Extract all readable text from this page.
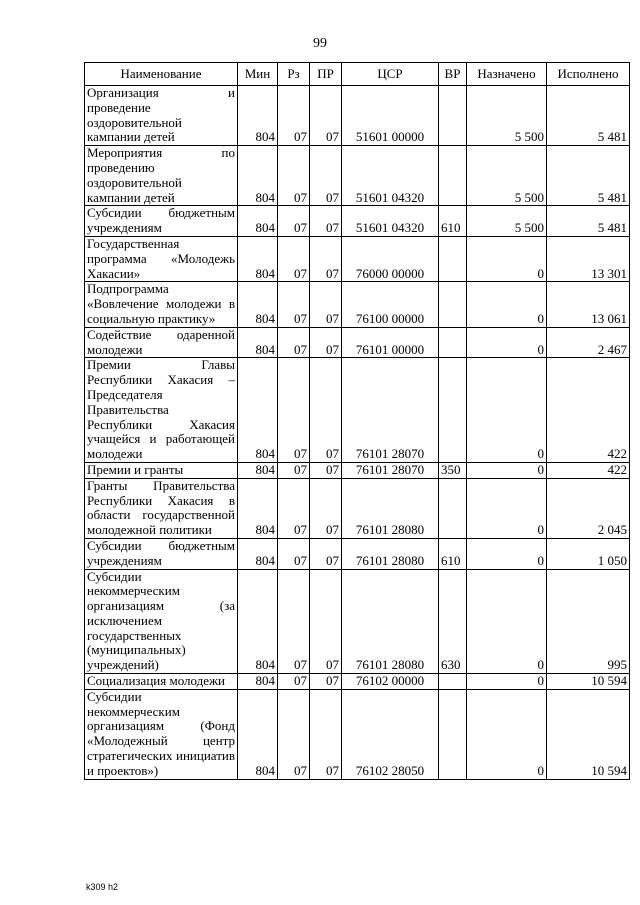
99
Наименование	Мин	Рз	ПР	ЦСР	ВР	Назначено	Исполнено
Организация и проведение оздоровительной кампании детей	804	07	07	51601 00000		5 500	5 481
Мероприятия по проведению оздоровительной кампании детей	804	07	07	51601 04320		5 500	5 481
Субсидии бюджетным учреждениям	804	07	07	51601 04320	610	5 500	5 481
Государственная программа «Молодежь Хакасии»	804	07	07	76000 00000		0	13 301
Подпрограмма «Вовлечение молодежи в социальную практику»	804	07	07	76100 00000		0	13 061
Содействие одаренной молодежи	804	07	07	76101 00000		0	2 467
Премии Главы Республики Хакасия – Председателя Правительства Республики Хакасия учащейся и работающей молодежи	804	07	07	76101 28070		0	422
Премии и гранты	804	07	07	76101 28070	350	0	422
Гранты Правительства Республики Хакасия в области государственной молодежной политики	804	07	07	76101 28080		0	2 045
Субсидии бюджетным учреждениям	804	07	07	76101 28080	610	0	1 050
Субсидии некоммерческим организациям (за исключением государственных (муниципальных) учреждений)	804	07	07	76101 28080	630	0	995
Социализация молодежи	804	07	07	76102 00000		0	10 594
Субсидии некоммерческим организациям (Фонд «Молодежный центр стратегических инициатив и проектов»)	804	07	07	76102 28050		0	10 594
k309 h2
